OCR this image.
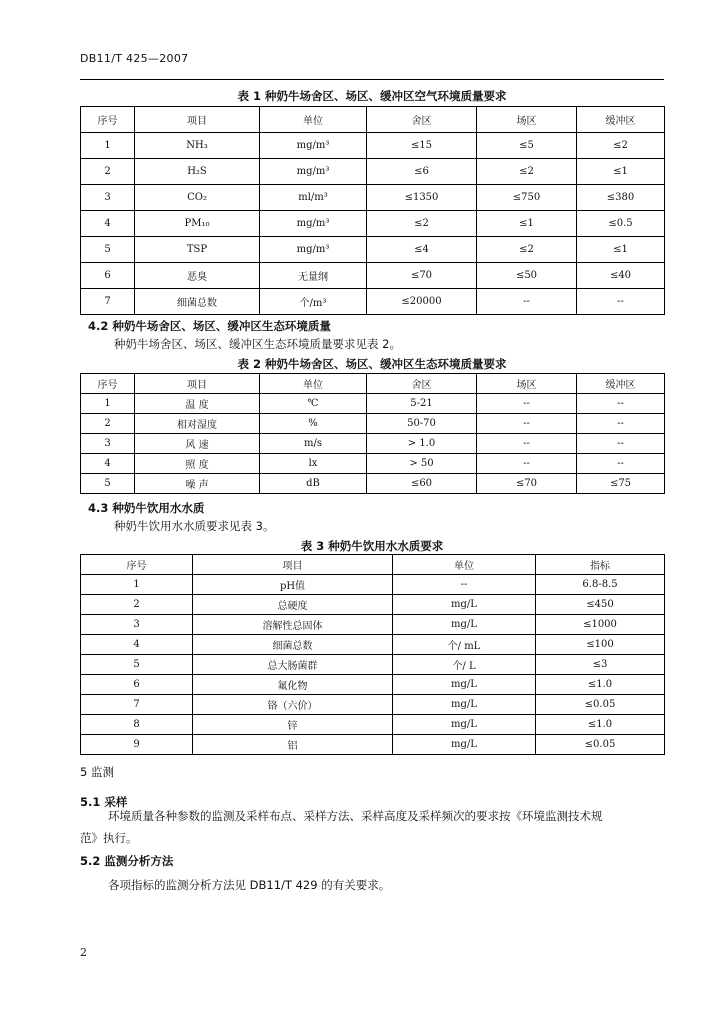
DB11/T 425—2007
表 1 种奶牛场舍区、场区、缓冲区空气环境质量要求
序号	项目	单位	舍区	场区	缓冲区
1	NH₃	mg/m³	≤15	≤5	≤2
2	H₂S	mg/m³	≤6	≤2	≤1
3	CO₂	ml/m³	≤1350	≤750	≤380
4	PM₁₀	mg/m³	≤2	≤1	≤0.5
5	TSP	mg/m³	≤4	≤2	≤1
6	恶臭	无量纲	≤70	≤50	≤40
7	细菌总数	个/m³	≤20000	--	--
4.2 种奶牛场舍区、场区、缓冲区生态环境质量
种奶牛场舍区、场区、缓冲区生态环境质量要求见表 2。
表 2 种奶牛场舍区、场区、缓冲区生态环境质量要求
序号	项目	单位	舍区	场区	缓冲区
1	温 度	℃	5-21	--	--
2	相对湿度	%	50-70	--	--
3	风 速	m/s	> 1.0	--	--
4	照 度	lx	> 50	--	--
5	噪 声	dB	≤60	≤70	≤75
4.3 种奶牛饮用水水质
种奶牛饮用水水质要求见表 3。
表 3 种奶牛饮用水水质要求
序号	项目	单位	指标
1	pH值	--	6.8-8.5
2	总硬度	mg/L	≤450
3	溶解性总固体	mg/L	≤1000
4	细菌总数	个/ mL	≤100
5	总大肠菌群	个/ L	≤3
6	氟化物	mg/L	≤1.0
7	铬（六价）	mg/L	≤0.05
8	锌	mg/L	≤1.0
9	铝	mg/L	≤0.05
5 监测
5.1 采样
环境质量各种参数的监测及采样布点、采样方法、采样高度及采样频次的要求按《环境监测技术规
范》执行。
5.2 监测分析方法
各项指标的监测分析方法见 DB11/T 429 的有关要求。
2
